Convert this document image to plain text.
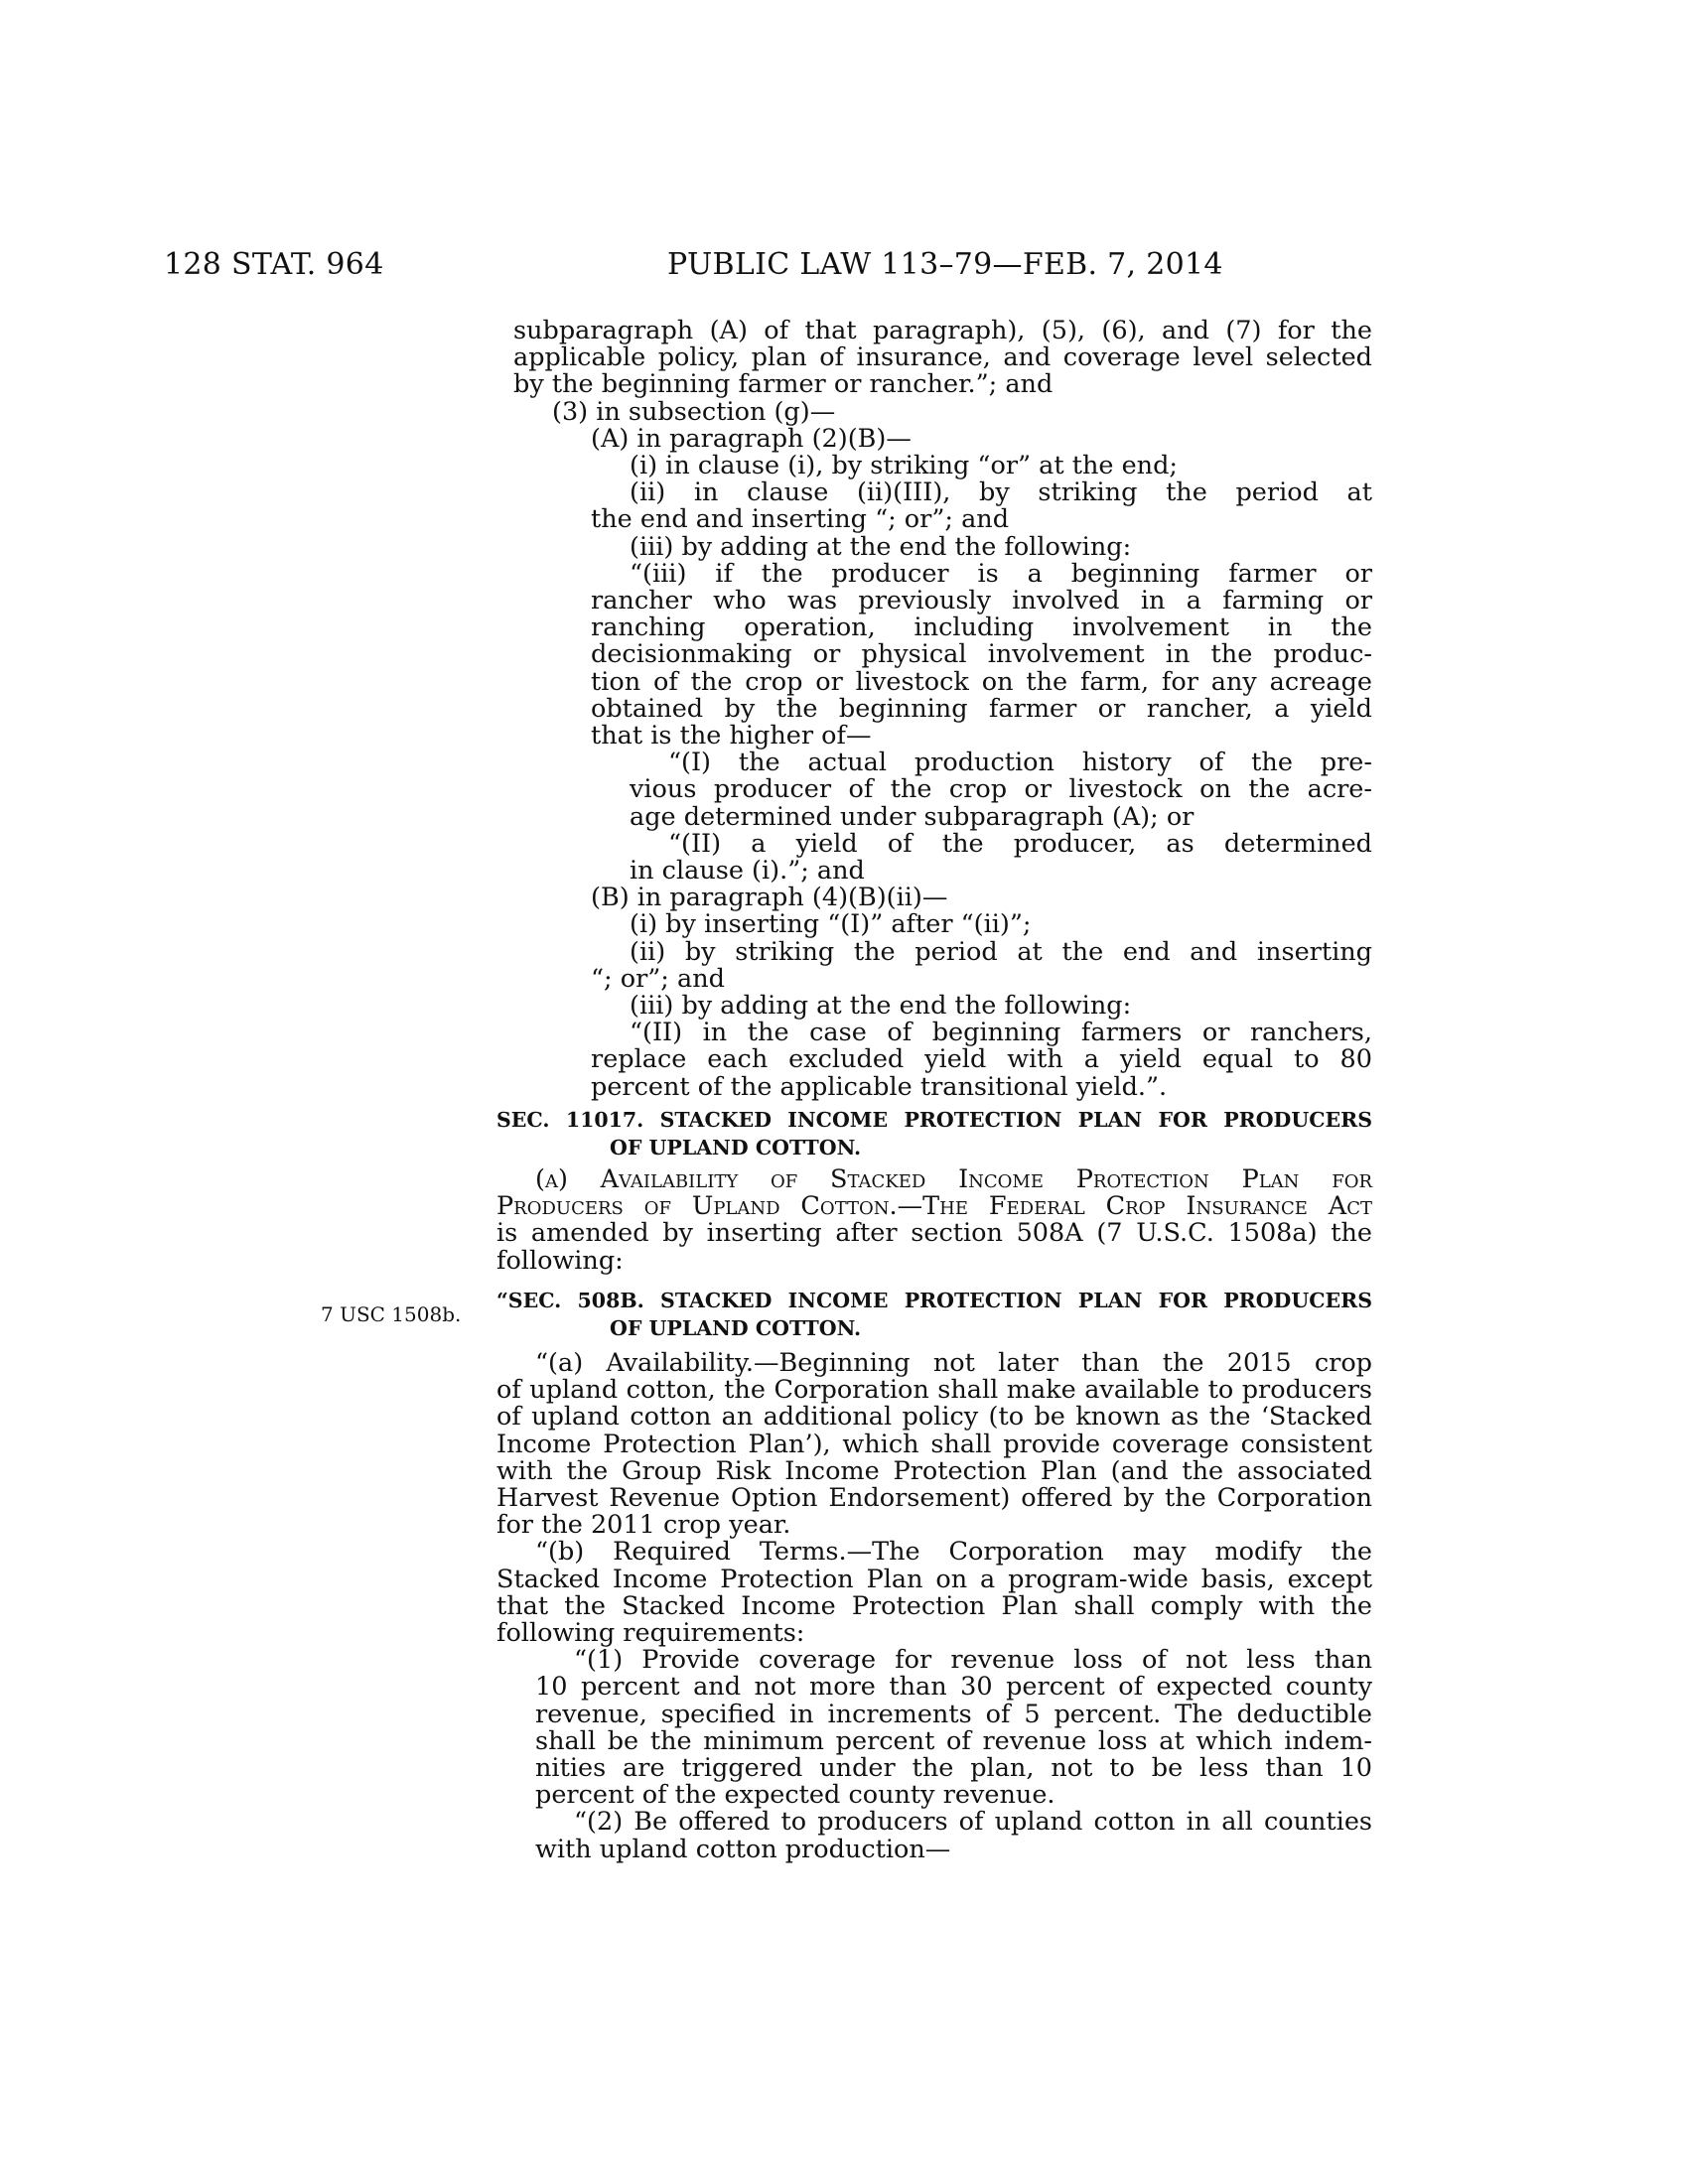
128 STAT. 964	PUBLIC LAW 113–79—FEB. 7, 2014
subparagraph (A) of that paragraph), (5), (6), and (7) for the
applicable policy, plan of insurance, and coverage level selected
by the beginning farmer or rancher.”; and
(3) in subsection (g)—
(A) in paragraph (2)(B)—
(i) in clause (i), by striking “or” at the end;
(ii) in clause (ii)(III), by striking the period at
the end and inserting “; or”; and
(iii) by adding at the end the following:
“(iii) if the producer is a beginning farmer or
rancher who was previously involved in a farming or
ranching operation, including involvement in the
decisionmaking or physical involvement in the produc-
tion of the crop or livestock on the farm, for any acreage
obtained by the beginning farmer or rancher, a yield
that is the higher of—
“(I) the actual production history of the pre-
vious producer of the crop or livestock on the acre-
age determined under subparagraph (A); or
“(II) a yield of the producer, as determined
in clause (i).”; and
(B) in paragraph (4)(B)(ii)—
(i) by inserting “(I)” after “(ii)”;
(ii) by striking the period at the end and inserting
“; or”; and
(iii) by adding at the end the following:
“(II) in the case of beginning farmers or ranchers,
replace each excluded yield with a yield equal to 80
percent of the applicable transitional yield.”.
SEC. 11017. STACKED INCOME PROTECTION PLAN FOR PRODUCERS
OF UPLAND COTTON.
(a) Availability of Stacked Income Protection Plan for
Producers of Upland Cotton.—The Federal Crop Insurance Act
is amended by inserting after section 508A (7 U.S.C. 1508a) the
following:
7 USC 1508b.
“SEC. 508B. STACKED INCOME PROTECTION PLAN FOR PRODUCERS
OF UPLAND COTTON.
“(a) Availability.—Beginning not later than the 2015 crop
of upland cotton, the Corporation shall make available to producers
of upland cotton an additional policy (to be known as the ‘Stacked
Income Protection Plan’), which shall provide coverage consistent
with the Group Risk Income Protection Plan (and the associated
Harvest Revenue Option Endorsement) offered by the Corporation
for the 2011 crop year.
“(b) Required Terms.—The Corporation may modify the
Stacked Income Protection Plan on a program-wide basis, except
that the Stacked Income Protection Plan shall comply with the
following requirements:
“(1) Provide coverage for revenue loss of not less than
10 percent and not more than 30 percent of expected county
revenue, specified in increments of 5 percent. The deductible
shall be the minimum percent of revenue loss at which indem-
nities are triggered under the plan, not to be less than 10
percent of the expected county revenue.
“(2) Be offered to producers of upland cotton in all counties
with upland cotton production—
